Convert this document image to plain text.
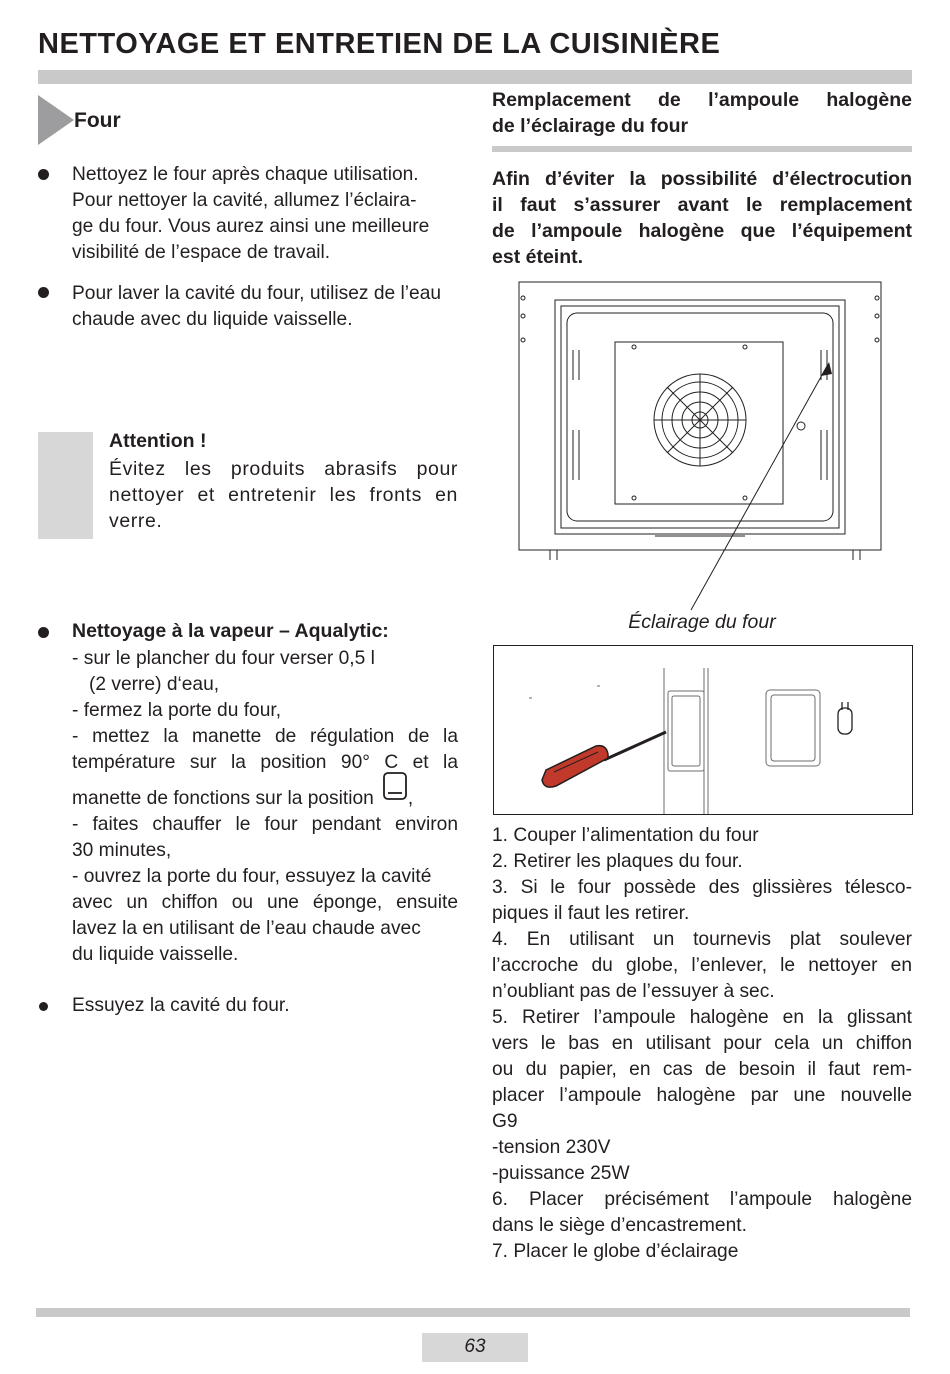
NETTOYAGE ET ENTRETIEN DE LA CUISINIÈRE
Four
Nettoyez le four après chaque utilisation.
Pour nettoyer la cavité, allumez l’éclaira-
ge du four. Vous aurez ainsi une meilleure
visibilité de l’espace de travail.
Pour laver la cavité du four, utilisez de l’eau
chaude avec du liquide vaisselle.
Attention !
Évitez les produits abrasifs pour
nettoyer et entretenir les fronts en
verre.
Nettoyage à la vapeur – Aqualytic:
- sur le plancher du four verser 0,5 l
(2 verre) d‘eau,
- fermez la porte du four,
- mettez la manette de régulation de la
température sur la position 90° C et la
manette de fonctions sur la position ,
- faites chauffer le four pendant environ
30 minutes,
- ouvrez la porte du four, essuyez la cavité
avec un chiffon ou une éponge, ensuite
lavez la en utilisant de l’eau chaude avec
du liquide vaisselle.
Essuyez la cavité du four.
Remplacement de l’ampoule halogène
de l’éclairage du four
Afin d’éviter la possibilité d’électrocution
il faut s’assurer avant le remplacement
de l’ampoule halogène que l’équipement
est éteint.
Éclairage du four
1. Couper l’alimentation du four
2. Retirer les plaques du four.
3. Si le four possède des glissières télesco-
piques il faut les retirer.
4. En utilisant un tournevis plat soulever
l’accroche du globe, l’enlever, le nettoyer en
n’oubliant pas de l’essuyer à sec.
5. Retirer l’ampoule halogène en la glissant
vers le bas en utilisant pour cela un chiffon
ou du papier, en cas de besoin il faut rem-
placer l’ampoule halogène par une nouvelle
G9
-tension 230V
-puissance 25W
6. Placer précisément l’ampoule halogène
dans le siège d’encastrement.
7. Placer le globe d’éclairage
63
